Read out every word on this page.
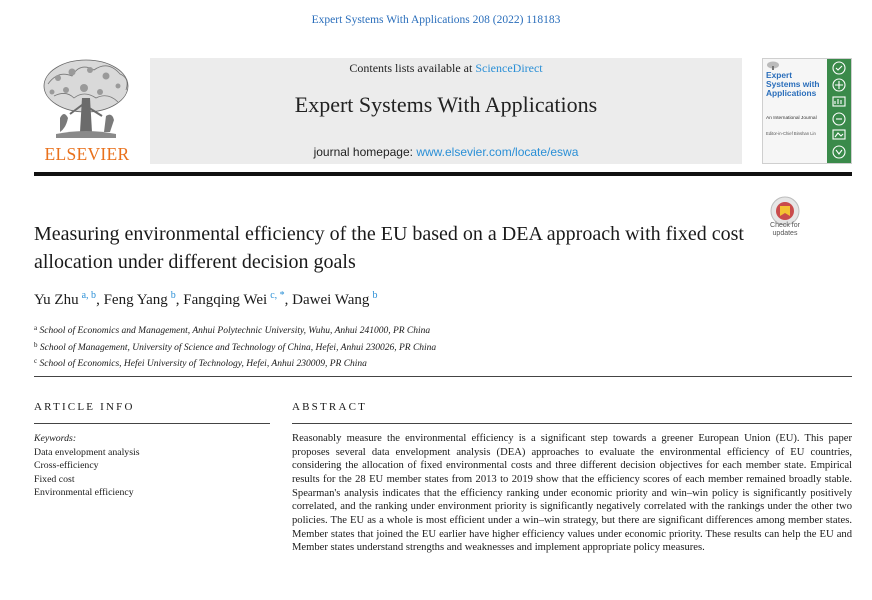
Expert Systems With Applications 208 (2022) 118183
ELSEVIER
Contents lists available at ScienceDirect
Expert Systems With Applications
journal homepage: www.elsevier.com/locate/eswa
Expert Systems with Applications
An International Journal
Editor-in-Chief Binshan Lin
Check for updates
Measuring environmental efficiency of the EU based on a DEA approach with fixed cost allocation under different decision goals
Yu Zhu  $^{a, b}$, Feng Yang  $^b$, Fangqing Wei  $^{c, *}$, Dawei Wang  $^b$
$^a$ School of Economics and Management, Anhui Polytechnic University, Wuhu, Anhui 241000, PR China
$^b$ School of Management, University of Science and Technology of China, Hefei, Anhui 230026, PR China
$^c$ School of Economics, Hefei University of Technology, Hefei, Anhui 230009, PR China
ARTICLE INFO	ABSTRACT
Keywords:
Data envelopment analysis
Cross-efficiency
Fixed cost
Environmental efficiency
Reasonably measure the environmental efficiency is a significant step towards a greener European Union (EU). This paper proposes several data envelopment analysis (DEA) approaches to evaluate the environmental efficiency of EU countries, considering the allocation of fixed environmental costs and three different decision objectives for each member state. Empirical results for the 28 EU member states from 2013 to 2019 show that the efficiency scores of each member remained broadly stable. Spearman's analysis indicates that the efficiency ranking under economic priority and win–win policy is significantly positively correlated, and the ranking under environment priority is significantly negatively correlated with the rankings under the other two policies. The EU as a whole is most efficient under a win–win strategy, but there are significant differences among member states. Member states that joined the EU earlier have higher efficiency values under economic priority. These results can help the EU and Member states understand strengths and weaknesses and implement appropriate policy measures.
